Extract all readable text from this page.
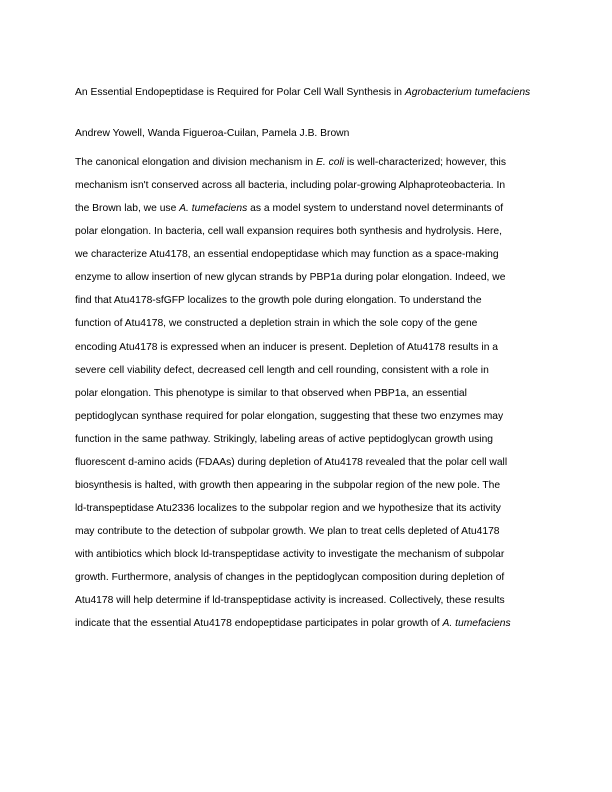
An Essential Endopeptidase is Required for Polar Cell Wall Synthesis in Agrobacterium tumefaciens
Andrew Yowell, Wanda Figueroa-Cuilan, Pamela J.B. Brown
The canonical elongation and division mechanism in E. coli is well-characterized; however, this
mechanism isn't conserved across all bacteria, including polar-growing Alphaproteobacteria. In
the Brown lab, we use A. tumefaciens as a model system to understand novel determinants of
polar elongation. In bacteria, cell wall expansion requires both synthesis and hydrolysis. Here,
we characterize Atu4178, an essential endopeptidase which may function as a space-making
enzyme to allow insertion of new glycan strands by PBP1a during polar elongation. Indeed, we
find that Atu4178-sfGFP localizes to the growth pole during elongation. To understand the
function of Atu4178, we constructed a depletion strain in which the sole copy of the gene
encoding Atu4178 is expressed when an inducer is present. Depletion of Atu4178 results in a
severe cell viability defect, decreased cell length and cell rounding, consistent with a role in
polar elongation. This phenotype is similar to that observed when PBP1a, an essential
peptidoglycan synthase required for polar elongation, suggesting that these two enzymes may
function in the same pathway. Strikingly, labeling areas of active peptidoglycan growth using
fluorescent d-amino acids (FDAAs) during depletion of Atu4178 revealed that the polar cell wall
biosynthesis is halted, with growth then appearing in the subpolar region of the new pole. The
ld-transpeptidase Atu2336 localizes to the subpolar region and we hypothesize that its activity
may contribute to the detection of subpolar growth. We plan to treat cells depleted of Atu4178
with antibiotics which block ld-transpeptidase activity to investigate the mechanism of subpolar
growth. Furthermore, analysis of changes in the peptidoglycan composition during depletion of
Atu4178 will help determine if ld-transpeptidase activity is increased. Collectively, these results
indicate that the essential Atu4178 endopeptidase participates in polar growth of A. tumefaciens
